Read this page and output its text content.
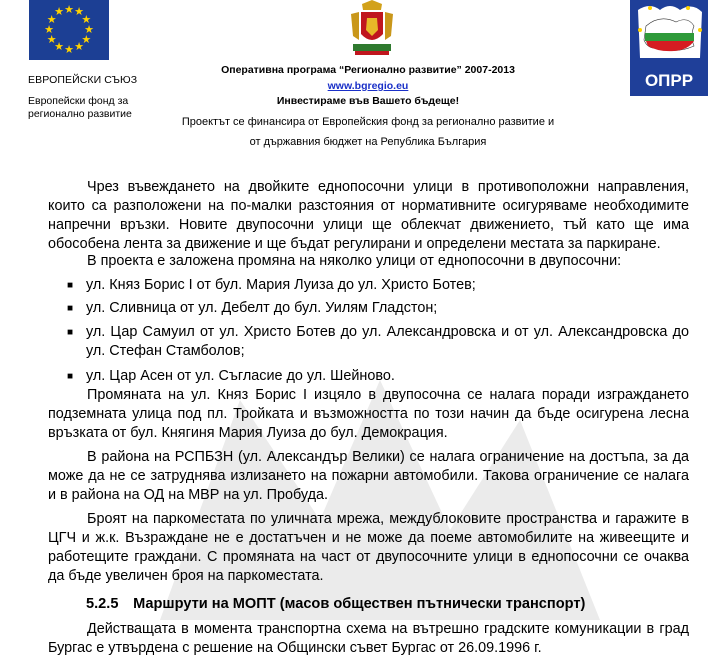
★ ★
★
★
★
★
★
★
★
★
★
★
ЕВРОПЕЙСКИ СЪЮЗ
Европейски фонд за регионално развитие
Оперативна програма “Регионално развитие” 2007-2013
www.bgregio.eu
Инвестираме във Вашето бъдеще!
Проектът се финансира от Европейския фонд за регионално развитие и
от държавния бюджет на Република България
ОПРР
Чрез въвеждането на двойките еднопосочни улици в противоположни направления, които са разположени на по-малки разстояния от нормативните осигуряваме необходимите напречни връзки. Новите двупосочни улици ще облекчат движението, тъй като ще има обособена лента за движение и ще бъдат регулирани и определени местата за паркиране.
В проекта е заложена промяна на няколко улици от еднопосочни в двупосочни:
■ ул. Княз Борис I от бул. Мария Луиза до ул. Христо Ботев;
■ ул. Сливница от ул. Дебелт до бул. Уилям Гладстон;
■ ул. Цар Самуил от ул. Христо Ботев до ул. Александровска и от ул. Александровска до ул. Стефан Стамболов;
■ ул. Цар Асен от ул. Съгласие до ул. Шейново.
Промяната на ул. Княз Борис I изцяло в двупосочна се налага поради изграждането подземната улица под пл. Тройката и възможността по този начин да бъде осигурена лесна връзката от бул. Княгиня Мария Луиза до бул. Демокрация.
В района на РСПБЗН (ул. Александър Велики) се налага ограничение на достъпа, за да може да не се затруднява излизането на пожарни автомобили. Такова ограничение се налага и в района на ОД на МВР на ул. Пробуда.
Броят на паркоместата по уличната мрежа, междублоковите пространства и гаражите в ЦГЧ и ж.к. Възраждане не е достатъчен и не може да поеме автомобилите на живеещите и работещите граждани. С промяната на част от двупосочните улици в еднопосочни се очаква да бъде увеличен броя на паркоместата.
5.2.5 Маршрути на МОПТ (масов обществен пътнически транспорт)
Действащата в момента транспортна схема на вътрешно градските комуникации в град Бургас е утвърдена с решение на Общински съвет Бургас от 26.09.1996 г.
